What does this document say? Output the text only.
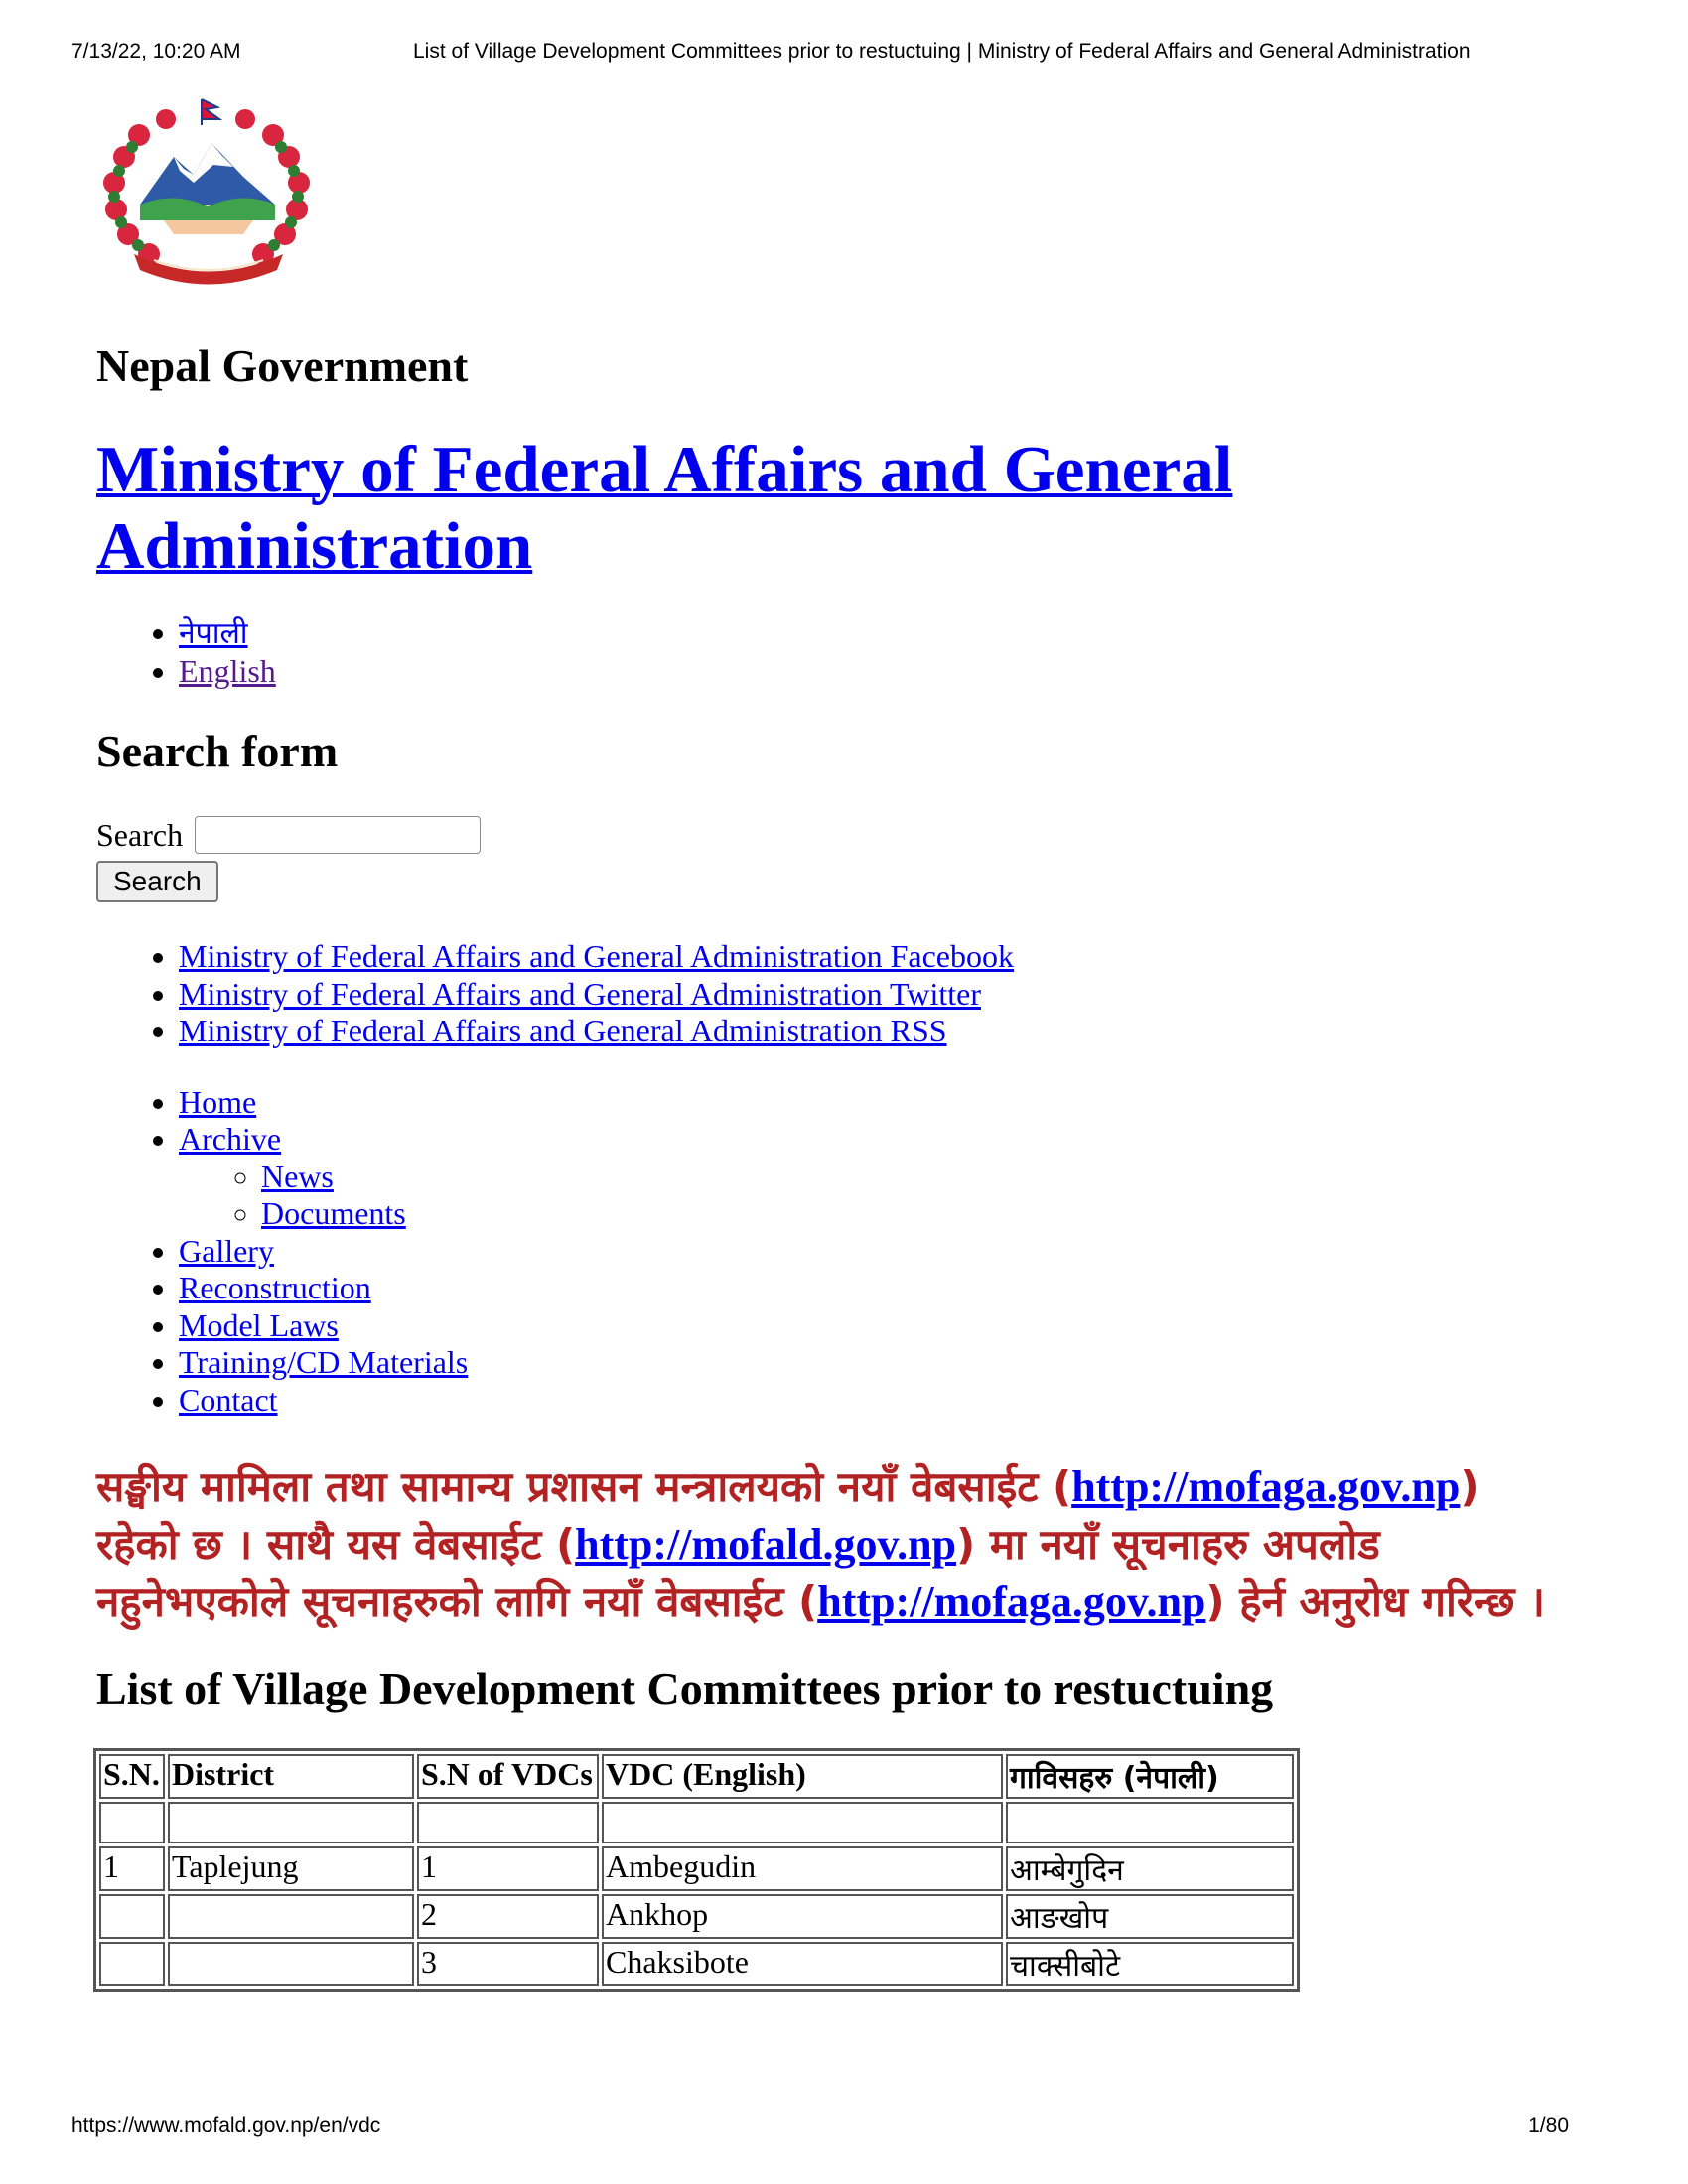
7/13/22, 10:20 AM	List of Village Development Committees prior to restuctuing | Ministry of Federal Affairs and General Administration
Nepal Government
Ministry of Federal Affairs and General Administration
• नेपाली
• English
Search form
Search
Search
• Ministry of Federal Affairs and General Administration Facebook
• Ministry of Federal Affairs and General Administration Twitter
• Ministry of Federal Affairs and General Administration RSS
• Home
• Archive
◦ News
◦ Documents
• Gallery
• Reconstruction
• Model Laws
• Training/CD Materials
• Contact
सङ्घीय मामिला तथा सामान्य प्रशासन मन्त्रालयको नयाँ वेबसाईट (http://mofaga.gov.np) रहेको छ । साथै यस वेबसाईट (http://mofald.gov.np) मा नयाँ सूचनाहरु अपलोड नहुनेभएकोले सूचनाहरुको लागि नयाँ वेबसाईट (http://mofaga.gov.np) हेर्न अनुरोध गरिन्छ ।
List of Village Development Committees prior to restuctuing
S.N.	District	S.N of VDCs	VDC (English)	गाविसहरु (नेपाली)

1	Taplejung	1	Ambegudin	आम्बेगुदिन
		2	Ankhop	आङखोप
		3	Chaksibote	चाक्सीबोटे
https://www.mofald.gov.np/en/vdc	1/80
